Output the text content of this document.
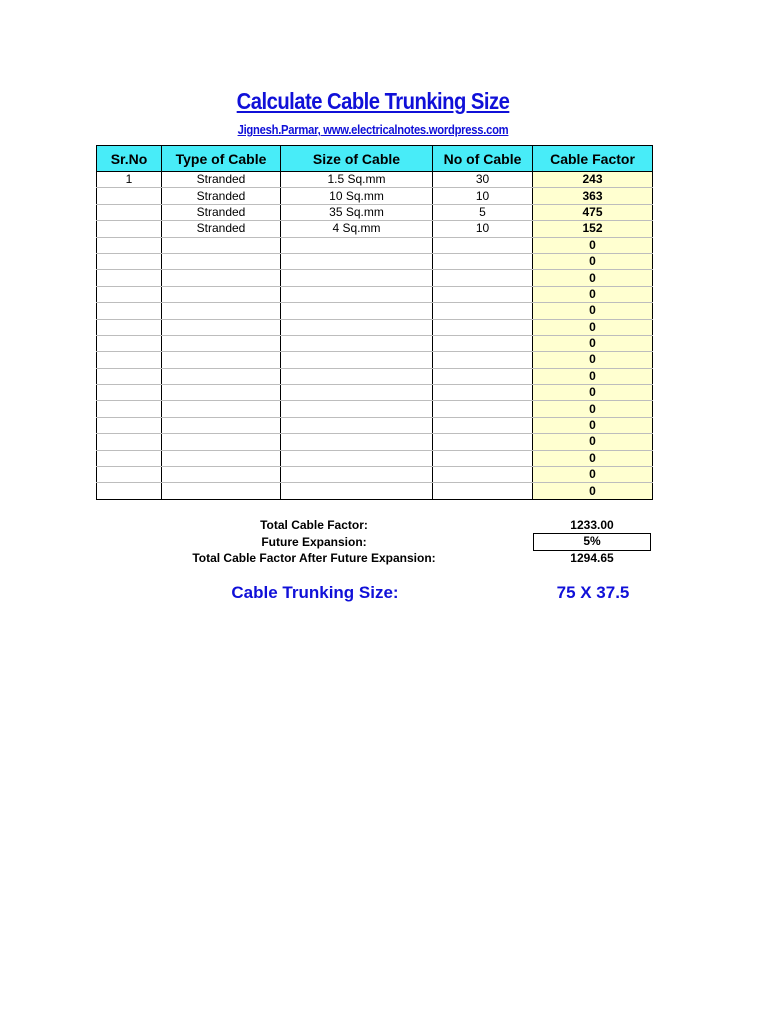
Calculate Cable Trunking Size
Jignesh.Parmar, www.electricalnotes.wordpress.com
Sr.No	Type of Cable	Size of Cable	No of Cable	Cable Factor
1	Stranded	1.5 Sq.mm	30	243
	Stranded	10 Sq.mm	10	363
	Stranded	35 Sq.mm	5	475
	Stranded	4 Sq.mm	10	152
				0
				0
				0
				0
				0
				0
				0
				0
				0
				0
				0
				0
				0
				0
				0
				0
Total Cable Factor:	1233.00
Future Expansion:	5%
Total Cable Factor After Future Expansion:	1294.65
Cable Trunking Size:	75 X 37.5
